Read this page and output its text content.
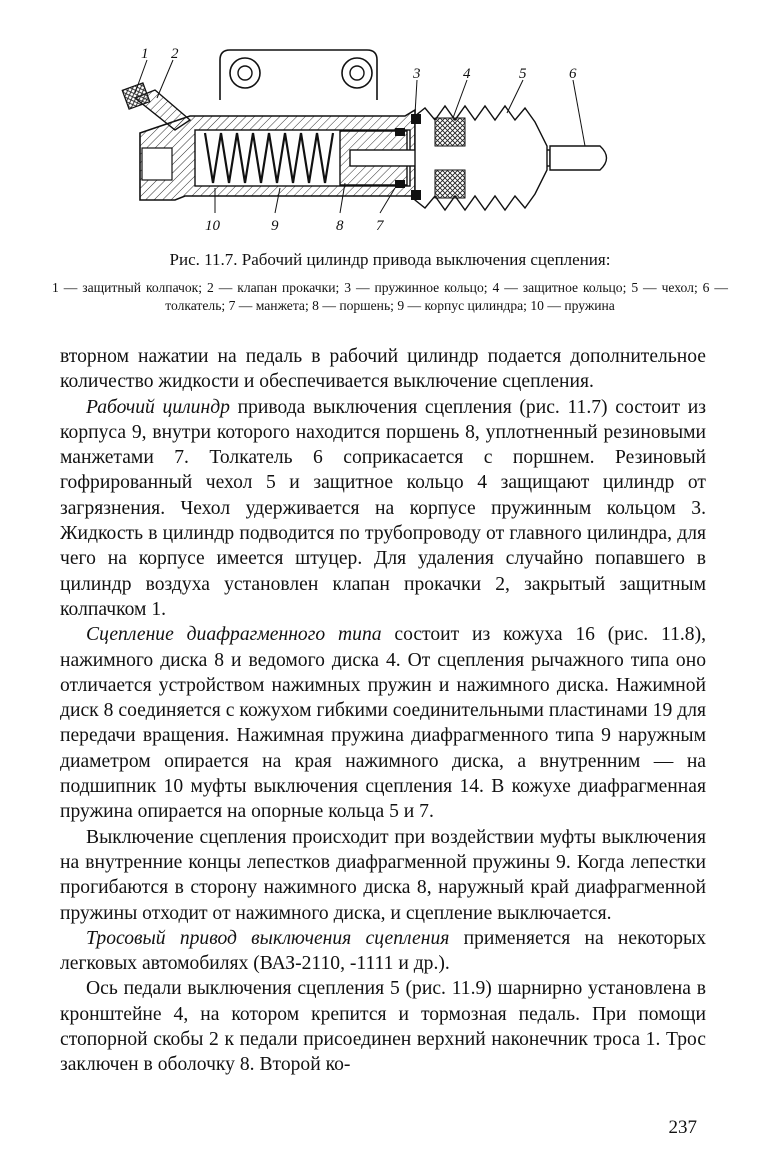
1 2
3	4	5	6
10	9	8 7
Рис. 11.7. Рабочий цилиндр привода выключения сцепления:
1 — защитный колпачок; 2 — клапан прокачки; 3 — пружинное кольцо; 4 — защитное кольцо; 5 — чехол; 6 — толкатель; 7 — манжета; 8 — поршень; 9 — корпус цилиндра; 10 — пружина

вторном нажатии на педаль в рабочий цилиндр подается дополнительное количество жидкости и обеспечивается выключение сцепления.

Рабочий цилиндр привода выключения сцепления (рис. 11.7) состоит из корпуса 9, внутри которого находится поршень 8, уплотненный резиновыми манжетами 7. Толкатель 6 соприкасается с поршнем. Резиновый гофрированный чехол 5 и защитное кольцо 4 защищают цилиндр от загрязнения. Чехол удерживается на корпусе пружинным кольцом 3. Жидкость в цилиндр подводится по трубопроводу от главного цилиндра, для чего на корпусе имеется штуцер. Для удаления случайно попавшего в цилиндр воздуха установлен клапан прокачки 2, закрытый защитным колпачком 1.

Сцепление диафрагменного типа состоит из кожуха 16 (рис. 11.8), нажимного диска 8 и ведомого диска 4. От сцепления рычажного типа оно отличается устройством нажимных пружин и нажимного диска. Нажимной диск 8 соединяется с кожухом гибкими соединительными пластинами 19 для передачи вращения. Нажимная пружина диафрагменного типа 9 наружным диаметром опирается на края нажимного диска, а внутренним — на подшипник 10 муфты выключения сцепления 14. В кожухе диафрагменная пружина опирается на опорные кольца 5 и 7.

Выключение сцепления происходит при воздействии муфты выключения на внутренние концы лепестков диафрагменной пружины 9. Когда лепестки прогибаются в сторону нажимного диска 8, наружный край диафрагменной пружины отходит от нажимного диска, и сцепление выключается.

Тросовый привод выключения сцепления применяется на некоторых легковых автомобилях (ВАЗ-2110, -1111 и др.).

Ось педали выключения сцепления 5 (рис. 11.9) шарнирно установлена в кронштейне 4, на котором крепится и тормозная педаль. При помощи стопорной скобы 2 к педали присоединен верхний наконечник троса 1. Трос заключен в оболочку 8. Второй ко-

237
